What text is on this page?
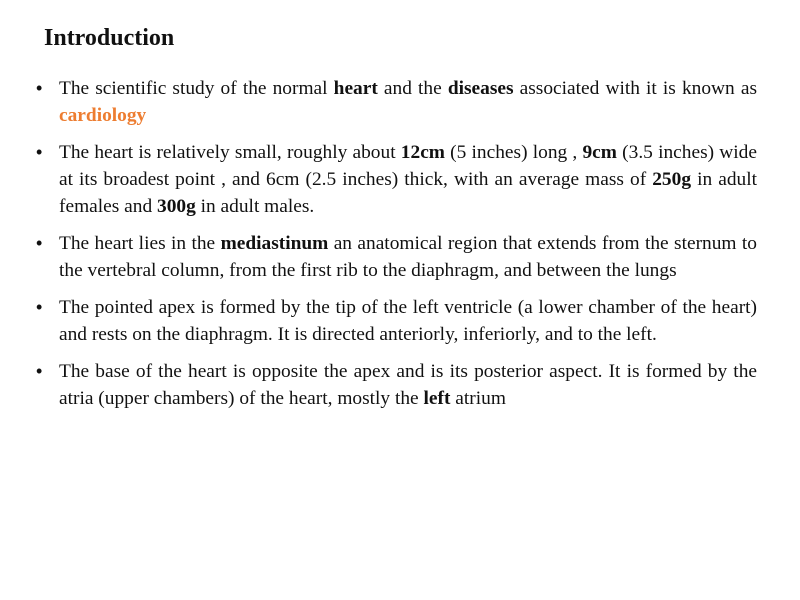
Introduction
• The scientific study of the normal heart and the diseases associated with it is known as cardiology
• The heart is relatively small, roughly about 12cm (5 inches) long , 9cm (3.5 inches) wide at its broadest point , and 6cm (2.5 inches) thick, with an average mass of 250g in adult females and 300g in adult males.
• The heart lies in the mediastinum an anatomical region that extends from the sternum to the vertebral column, from the first rib to the diaphragm, and between the lungs
• The pointed apex is formed by the tip of the left ventricle (a lower chamber of the heart) and rests on the diaphragm. It is directed anteriorly, inferiorly, and to the left.
• The base of the heart is opposite the apex and is its posterior aspect. It is formed by the atria (upper chambers) of the heart, mostly the left atrium
